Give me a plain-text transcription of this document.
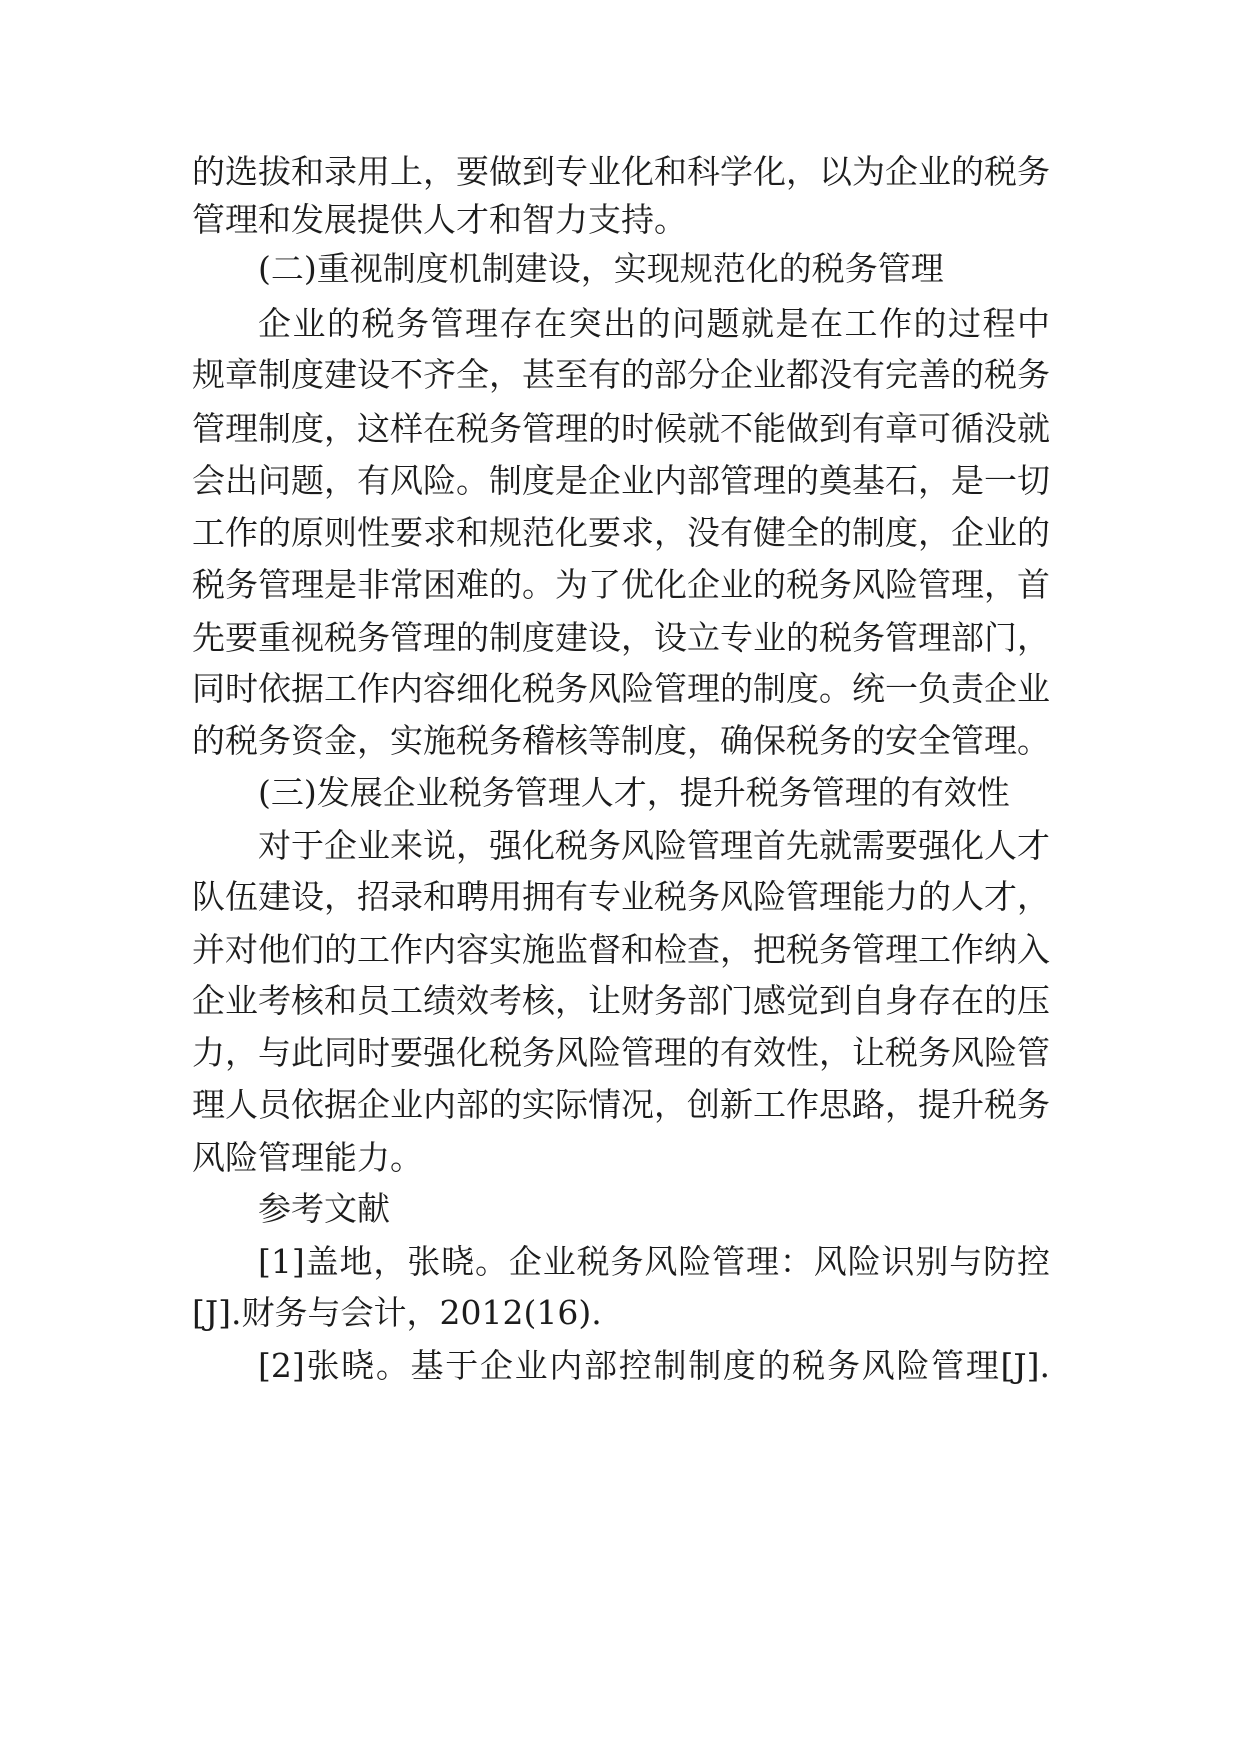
的选拔和录用上，要做到专业化和科学化，以为企业的税务

管理和发展提供人才和智力支持。

(二)重视制度机制建设，实现规范化的税务管理

企业的税务管理存在突出的问题就是在工作的过程中

规章制度建设不齐全，甚至有的部分企业都没有完善的税务

管理制度，这样在税务管理的时候就不能做到有章可循没就

会出问题，有风险。制度是企业内部管理的奠基石，是一切

工作的原则性要求和规范化要求，没有健全的制度，企业的

税务管理是非常困难的。为了优化企业的税务风险管理，首

先要重视税务管理的制度建设，设立专业的税务管理部门，

同时依据工作内容细化税务风险管理的制度。统一负责企业

的税务资金，实施税务稽核等制度，确保税务的安全管理。

(三)发展企业税务管理人才，提升税务管理的有效性

对于企业来说，强化税务风险管理首先就需要强化人才

队伍建设，招录和聘用拥有专业税务风险管理能力的人才，

并对他们的工作内容实施监督和检查，把税务管理工作纳入

企业考核和员工绩效考核，让财务部门感觉到自身存在的压

力，与此同时要强化税务风险管理的有效性，让税务风险管

理人员依据企业内部的实际情况，创新工作思路，提升税务

风险管理能力。

参考文献

[1]盖地，张晓。企业税务风险管理：风险识别与防控

[J].财务与会计，2012(16).

[2]张晓。基于企业内部控制制度的税务风险管理[J].
